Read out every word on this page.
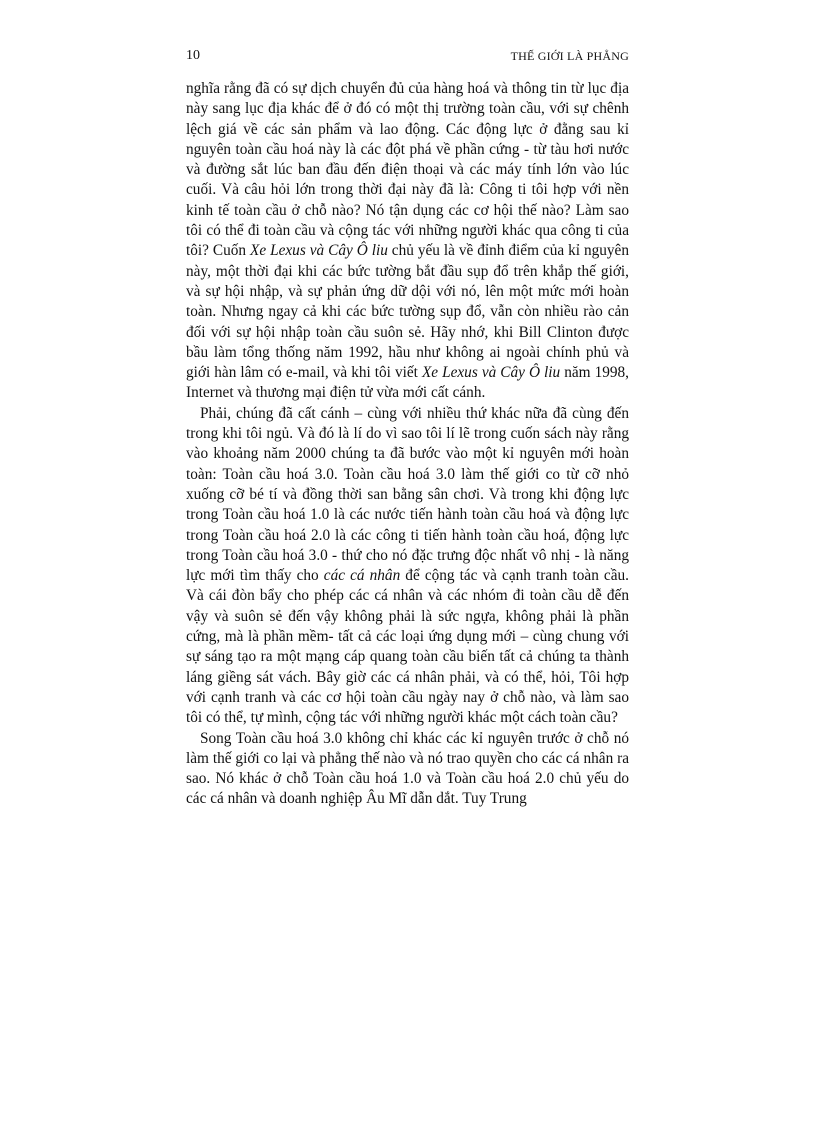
10	THẾ GIỚI LÀ PHẲNG

nghĩa rằng đã có sự dịch chuyển đủ của hàng hoá và thông tin từ lục địa này sang lục địa khác để ở đó có một thị trường toàn cầu, với sự chênh lệch giá về các sản phẩm và lao động. Các động lực ở đằng sau kỉ nguyên toàn cầu hoá này là các đột phá về phần cứng - từ tàu hơi nước và đường sắt lúc ban đầu đến điện thoại và các máy tính lớn vào lúc cuối. Và câu hỏi lớn trong thời đại này đã là: Công ti tôi hợp với nền kinh tế toàn cầu ở chỗ nào? Nó tận dụng các cơ hội thế nào? Làm sao tôi có thể đi toàn cầu và cộng tác với những người khác qua công ti của tôi? Cuốn Xe Lexus và Cây Ô liu chủ yếu là về đỉnh điểm của kỉ nguyên này, một thời đại khi các bức tường bắt đầu sụp đổ trên khắp thế giới, và sự hội nhập, và sự phản ứng dữ dội với nó, lên một mức mới hoàn toàn. Nhưng ngay cả khi các bức tường sụp đổ, vẫn còn nhiều rào cản đối với sự hội nhập toàn cầu suôn sẻ. Hãy nhớ, khi Bill Clinton được bầu làm tổng thống năm 1992, hầu như không ai ngoài chính phủ và giới hàn lâm có e-mail, và khi tôi viết Xe Lexus và Cây Ô liu năm 1998, Internet và thương mại điện tử vừa mới cất cánh.

Phải, chúng đã cất cánh – cùng với nhiều thứ khác nữa đã cùng đến trong khi tôi ngủ. Và đó là lí do vì sao tôi lí lẽ trong cuốn sách này rằng vào khoảng năm 2000 chúng ta đã bước vào một kỉ nguyên mới hoàn toàn: Toàn cầu hoá 3.0. Toàn cầu hoá 3.0 làm thế giới co từ cỡ nhỏ xuống cỡ bé tí và đồng thời san bằng sân chơi. Và trong khi động lực trong Toàn cầu hoá 1.0 là các nước tiến hành toàn cầu hoá và động lực trong Toàn cầu hoá 2.0 là các công ti tiến hành toàn cầu hoá, động lực trong Toàn cầu hoá 3.0 - thứ cho nó đặc trưng độc nhất vô nhị - là năng lực mới tìm thấy cho các cá nhân để cộng tác và cạnh tranh toàn cầu. Và cái đòn bẩy cho phép các cá nhân và các nhóm đi toàn cầu dễ đến vậy và suôn sẻ đến vậy không phải là sức ngựa, không phải là phần cứng, mà là phần mềm- tất cả các loại ứng dụng mới – cùng chung với sự sáng tạo ra một mạng cáp quang toàn cầu biến tất cả chúng ta thành láng giềng sát vách. Bây giờ các cá nhân phải, và có thể, hỏi, Tôi hợp với cạnh tranh và các cơ hội toàn cầu ngày nay ở chỗ nào, và làm sao tôi có thể, tự mình, cộng tác với những người khác một cách toàn cầu?

Song Toàn cầu hoá 3.0 không chỉ khác các kỉ nguyên trước ở chỗ nó làm thế giới co lại và phẳng thế nào và nó trao quyền cho các cá nhân ra sao. Nó khác ở chỗ Toàn cầu hoá 1.0 và Toàn cầu hoá 2.0 chủ yếu do các cá nhân và doanh nghiệp Âu Mĩ dẫn dắt. Tuy Trung
